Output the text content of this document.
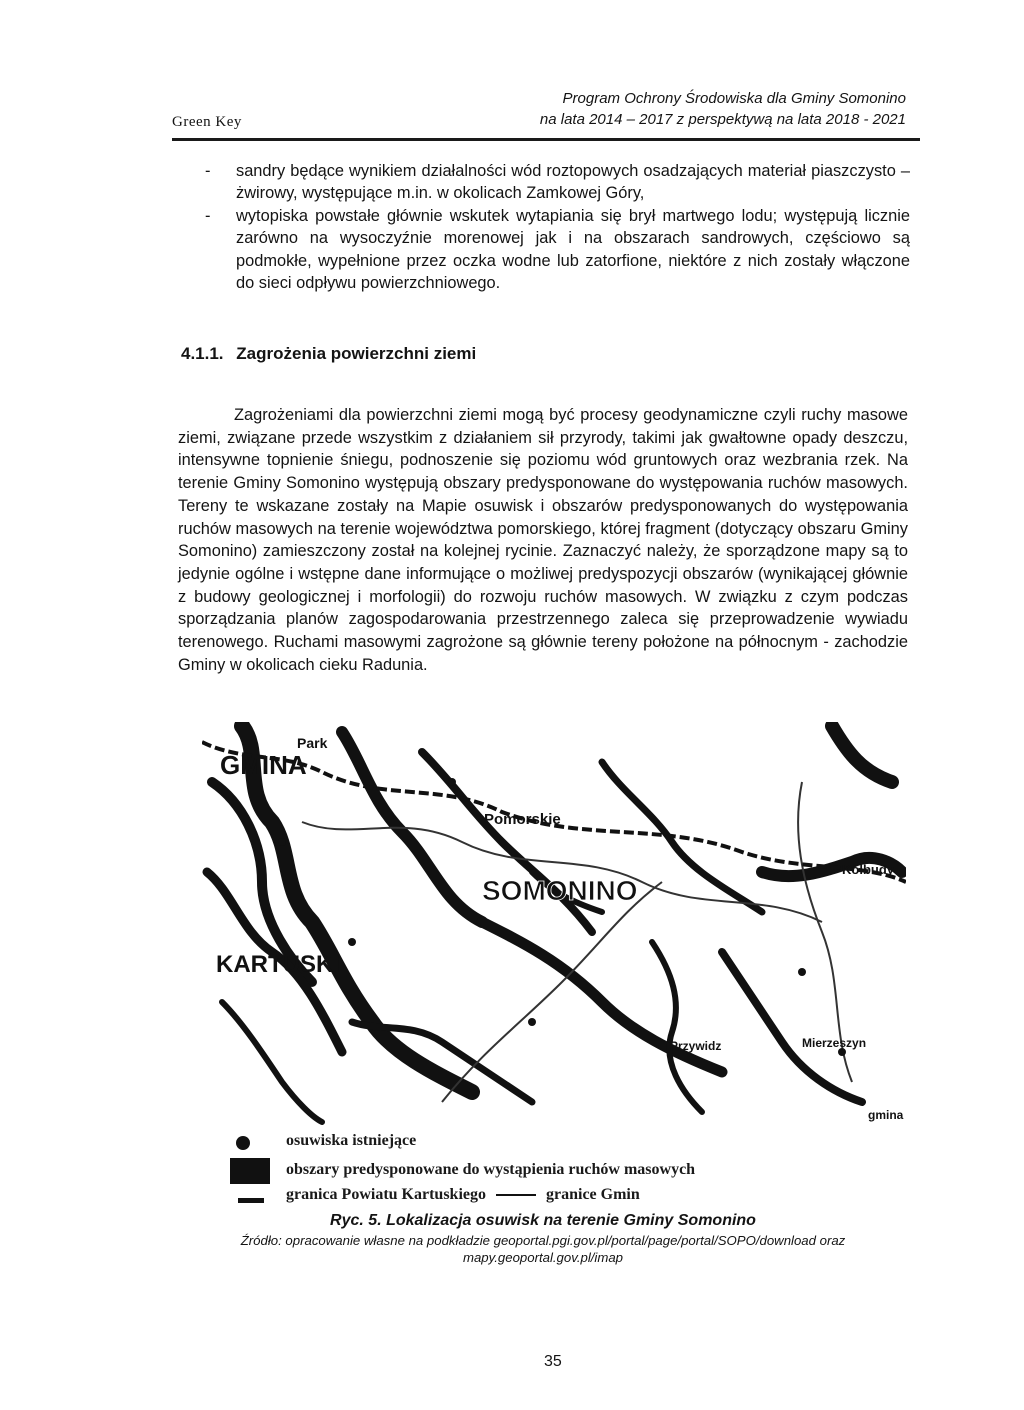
Green Key
Program Ochrony Środowiska dla Gminy Somonino
na lata 2014 – 2017 z perspektywą na lata 2018 - 2021
- sandry będące wynikiem działalności wód roztopowych osadzających materiał piaszczysto – żwirowy, występujące m.in. w okolicach Zamkowej Góry,
- wytopiska powstałe głównie wskutek wytapiania się brył martwego lodu; występują licznie zarówno na wysoczyźnie morenowej jak i na obszarach sandrowych, częściowo są podmokłe, wypełnione przez oczka wodne lub zatorfione, niektóre z nich zostały włączone do sieci odpływu powierzchniowego.
4.1.1. Zagrożenia powierzchni ziemi
Zagrożeniami dla powierzchni ziemi mogą być procesy geodynamiczne czyli ruchy masowe ziemi, związane przede wszystkim z działaniem sił przyrody, takimi jak gwałtowne opady deszczu, intensywne topnienie śniegu, podnoszenie się poziomu wód gruntowych oraz wezbrania rzek. Na terenie Gminy Somonino występują obszary predysponowane do występowania ruchów masowych. Tereny te wskazane zostały na Mapie osuwisk i obszarów predysponowanych do występowania ruchów masowych na terenie województwa pomorskiego, której fragment (dotyczący obszaru Gminy Somonino) zamieszczony został na kolejnej rycinie. Zaznaczyć należy, że sporządzone mapy są to jedynie ogólne i wstępne dane informujące o możliwej predyspozycji obszarów (wynikającej głównie z budowy geologicznej i morfologii) do rozwoju ruchów masowych. W związku z czym podczas sporządzania planów zagospodarowania przestrzennego zaleca się przeprowadzenie wywiadu terenowego. Ruchami masowymi zagrożone są głównie tereny położone na północnym - zachodzie Gminy w okolicach cieku Radunia.
GMINA
Park
Pomorskie
SOMONINO
KARTUSKI
Kolbudy
Przywidz	Mierzeszyn
gmina
osuwiska istniejące
obszary predysponowane do wystąpienia ruchów masowych
granica Powiatu Kartuskiego	granice Gmin
Ryc. 5. Lokalizacja osuwisk na terenie Gminy Somonino
Źródło: opracowanie własne na podkładzie geoportal.pgi.gov.pl/portal/page/portal/SOPO/download oraz
mapy.geoportal.gov.pl/imap
35
